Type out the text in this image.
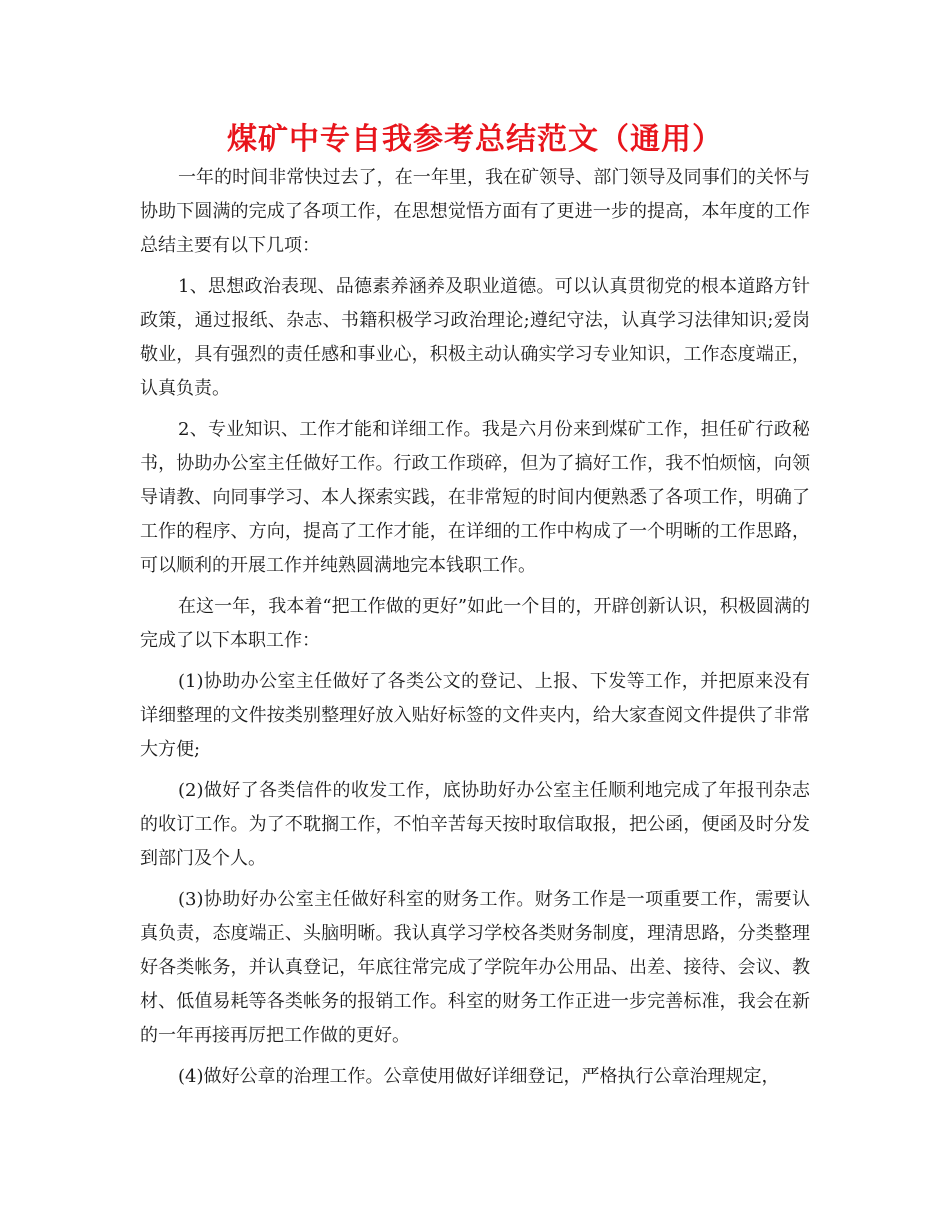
煤矿中专自我参考总结范文（通用）

一年的时间非常快过去了，在一年里，我在矿领导、部门领导及同事们的关怀与协助下圆满的完成了各项工作，在思想觉悟方面有了更进一步的提高，本年度的工作总结主要有以下几项：

1、思想政治表现、品德素养涵养及职业道德。可以认真贯彻党的根本道路方针政策，通过报纸、杂志、书籍积极学习政治理论;遵纪守法，认真学习法律知识;爱岗敬业，具有强烈的责任感和事业心，积极主动认确实学习专业知识，工作态度端正，认真负责。

2、专业知识、工作才能和详细工作。我是六月份来到煤矿工作，担任矿行政秘书，协助办公室主任做好工作。行政工作琐碎，但为了搞好工作，我不怕烦恼，向领导请教、向同事学习、本人探索实践，在非常短的时间内便熟悉了各项工作，明确了工作的程序、方向，提高了工作才能，在详细的工作中构成了一个明晰的工作思路，可以顺利的开展工作并纯熟圆满地完本钱职工作。

在这一年，我本着“把工作做的更好”如此一个目的，开辟创新认识，积极圆满的完成了以下本职工作：

(1)协助办公室主任做好了各类公文的登记、上报、下发等工作，并把原来没有详细整理的文件按类别整理好放入贴好标签的文件夹内，给大家查阅文件提供了非常大方便;

(2)做好了各类信件的收发工作，底协助好办公室主任顺利地完成了年报刊杂志的收订工作。为了不耽搁工作，不怕辛苦每天按时取信取报，把公函，便函及时分发到部门及个人。

(3)协助好办公室主任做好科室的财务工作。财务工作是一项重要工作，需要认真负责，态度端正、头脑明晰。我认真学习学校各类财务制度，理清思路，分类整理好各类帐务，并认真登记，年底往常完成了学院年办公用品、出差、接待、会议、教材、低值易耗等各类帐务的报销工作。科室的财务工作正进一步完善标准，我会在新的一年再接再厉把工作做的更好。

(4)做好公章的治理工作。公章使用做好详细登记，严格执行公章治理规定，
